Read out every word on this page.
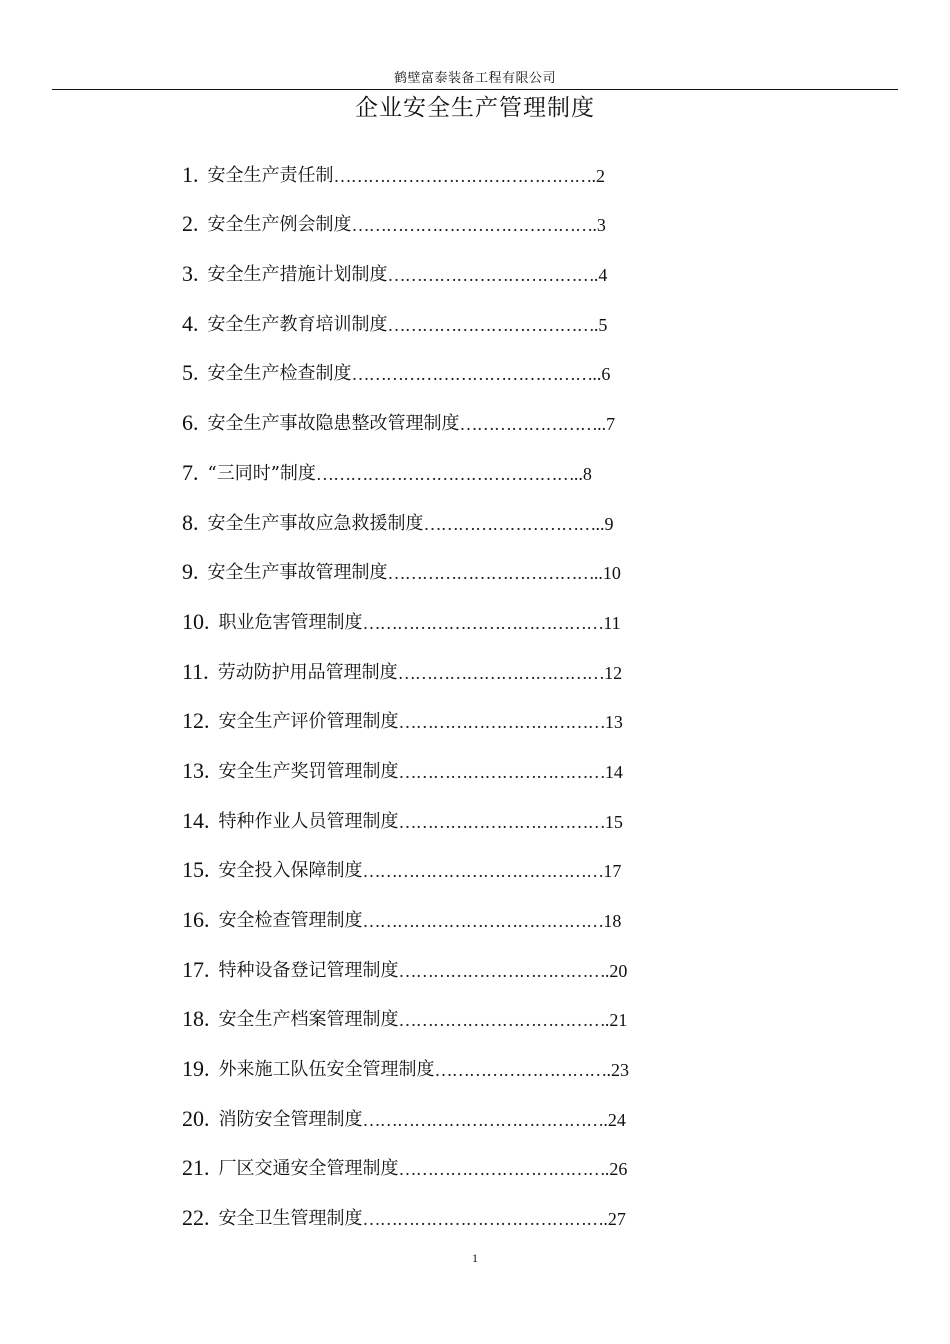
鹤壁富泰装备工程有限公司
企业安全生产管理制度
1. 安全生产责任制 ……………………………………… .2
2. 安全生产例会制度 …………………………………… .3
3. 安全生产措施计划制度 ……………………………… .4
4. 安全生产教育培训制度 ……………………………… .5
5. 安全生产检查制度 …………………………………… ..6
6. 安全生产事故隐患整改管理制度 …………………… ..7
7. “三同时”制度 ……………………………………… ..8
8. 安全生产事故应急救援制度 ………………………… ..9
9. 安全生产事故管理制度 ……………………………… ..10
10. 职业危害管理制度 …………………………………… 11
11. 劳动防护用品管理制度 ……………………………… 12
12. 安全生产评价管理制度 ……………………………… 13
13. 安全生产奖罚管理制度 ……………………………… 14
14. 特种作业人员管理制度 ……………………………… 15
15. 安全投入保障制度 …………………………………… 17
16. 安全检查管理制度 …………………………………… 18
17. 特种设备登记管理制度 ……………………………… .20
18. 安全生产档案管理制度 ……………………………… .21
19. 外来施工队伍安全管理制度 ………………………… .23
20. 消防安全管理制度 …………………………………… .24
21. 厂区交通安全管理制度 ……………………………… .26
22. 安全卫生管理制度 …………………………………… .27
1
